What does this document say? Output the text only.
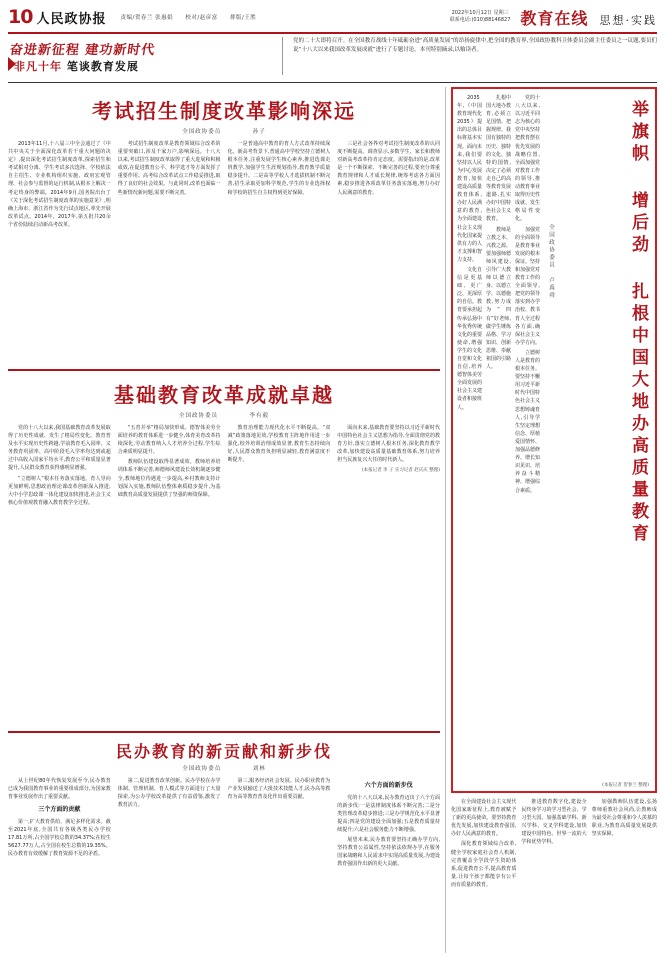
10 人民政协报	责编/贺春兰 张惠娟 校对/赵彦富 排版/王胜
2022年10月12日 星期三
联系电话:(010)88146827 教育在线 思想·实践
奋进新征程 建功新时代
非凡十年 笔谈教育发展
党的二十大即将召开。在全国教育战线十年砥砺奋进“高质量发展”的昂扬旋律中,把全国的教育界,全国政协教科卫体委员会副主任委员之一议题,要员们说“十八大以来我国改革发展成就”进行了专题讨论。本刊特别摘录,以飨读者。
考试招生制度改革影响深远
全国政协委员	孙子

2013年11月,十八届三中全会通过了《中共中央关于全面深化改革若干重大问题的决定》,提出深化考试招生制度改革,探索招生和考试相对分离、学生考试多次选择、学校依法自主招生、专业机构组织实施、政府宏观管理、社会参与监督的运行机制,从根本上解决一考定终身的弊端。2014年9月,国务院出台了《关于深化考试招生制度改革的实施意见》,明确上海市、浙江省作为先行试点地区,率先开展改革试点。2014年、2017年,第五批共20余个省份陆续启动新高考改革。

考试招生制度改革是教育领域综合改革的重要突破口,涉及千家万户,影响深远。十八大以来,考试招生制度改革取得了重大进展和积极成效,在促进教育公平、科学选才等方面发挥了重要作用。高考综合改革试点工作稳妥推进,取得了良好的社会效果。与此同时,改革也面临一些新情况新问题,需要不断完善。

一是普通高中教育的育人方式改革持续深化。新高考背景下,普通高中学校坚持立德树人根本任务,注重发展学生核心素养,推进选课走班教学,加强学生生涯规划指导,教育教学质量稳步提升。二是高等学校人才选拔机制不断完善,招生录取更加科学规范,学生的专业选择权和学校的招生自主权得到更好保障。

三是社会各界对考试招生制度改革的认同度不断提高。调查显示,多数学生、家长和教师对新高考改革持肯定态度。需要指出的是,改革是一个不断探索、不断完善的过程,要充分尊重教育规律和人才成长规律,统筹考虑各方面因素,稳步推进各项改革任务落实落地,努力办好人民满意的教育。

基础教育改革成就卓越
全国政协委员	李有毅

党的十八大以来,我国基础教育改革发展取得了历史性成就、发生了格局性变化。教育普及水平实现历史性跨越,学前教育毛入园率、义务教育巩固率、高中阶段毛入学率均达到或超过中高收入国家平均水平,教育公平和质量显著提升,人民群众教育获得感明显增强。

“立德树人”根本任务落实落地。育人导向更加鲜明,思想政治理论课改革创新深入推进,大中小学思政课一体化建设加快推进,社会主义核心价值观教育融入教育教学全过程。

“五育并举”格局加快形成。德智体美劳全面培养的教育体系进一步健全,体育美育改革持续深化,劳动教育纳入人才培养全过程,学生综合素质明显提升。

教师队伍建设取得显著成效。教师培养培训体系不断完善,师德师风建设长效机制逐步健全,教师地位待遇进一步提高,乡村教师支持计划深入实施,教师队伍整体素质稳步提升,为基础教育高质量发展提供了坚强的师资保障。

教育治理能力现代化水平不断提高。“双减”政策落地见效,学校教育主阵地作用进一步强化,校外培训治理成效显著,教育生态持续向好,人民群众教育负担明显减轻,教育满意度不断提升。

面向未来,基础教育要坚持以习近平新时代中国特色社会主义思想为指导,全面贯彻党的教育方针,落实立德树人根本任务,深化教育教学改革,加快建设高质量基础教育体系,努力培养担当民族复兴大任的时代新人。

(本报记者 李 子 实习记者 赵庆庆 整理)
民办教育的新贡献和新步伐
全国政协委员	刘林

从上世纪80年代恢复发展至今,民办教育已成为我国教育事业的重要组成部分,为国家教育事业发展作出了重要贡献。

三个方面的贡献

第一,扩大教育供给、满足多样化需求。截至2021年底,全国共有各级各类民办学校17.81万所,占全国学校总数的34.37%;在校生5627.77万人,占全国在校生总数的19.35%。民办教育有效缓解了教育资源不足的矛盾。

第二,促进教育改革创新。民办学校在办学体制、管理机制、育人模式等方面进行了大量探索,为公办学校改革提供了有益借鉴,激发了教育活力。

第三,服务经济社会发展。民办职业教育为产业发展输送了大批技术技能人才,民办高等教育为高等教育普及化作出重要贡献。

六个方面的新步伐

党的十八大以来,民办教育迈出了六个方面的新步伐:一是法律制度体系不断完善;二是分类管理改革稳步推进;三是办学规范化水平显著提高;四是党的建设全面加强;五是教育质量持续提升;六是社会服务能力不断增强。

展望未来,民办教育要坚持正确办学方向,坚持教育公益属性,坚持依法依规办学,在服务国家战略和人民需求中实现高质量发展,为建设教育强国作出新的更大贡献。

举旗帜 增后劲 扎根中国大地办高质量教育
全国政协委员 卢禹舜

党的十八大以来,以习近平同志为核心的党中央坚持把教育摆在优先发展的战略位置,全面加强党对教育工作的领导,推动教育事业取得历史性成就、发生格局性变化。

加强党的全面领导是教育事业发展的根本保证。坚持和加强党对教育工作的全面领导,把党的领导落实到办学治校、教书育人全过程各方面,确保社会主义办学方向。

立德树人是教育的根本任务。要坚持不懈用习近平新时代中国特色社会主义思想铸魂育人,引导学生坚定理想信念、厚植爱国情怀、加强品德修养、增长知识见识、培养奋斗精神、增强综合素质。

扎根中国大地办教育,必须立足国情、把握规律。我国有独特的历史、独特的文化、独特的国情,决定了必须走自己的高等教育发展道路,扎实办好中国特色社会主义教育。

教师是立教之本、兴教之源。要加强师德师风建设,引导广大教师以德立身、以德立学、以德施教,努力成为“四有”好老师,做学生锤炼品格、学习知识、创新思维、奉献祖国的引路人。

2035年,《中国教育现代化2035》提出的总体目标将基本实现。面向未来,我们要坚持以人民为中心发展教育,加快建设高质量教育体系,办好人民满意的教育,为全面建设社会主义现代化国家提供有力的人才支撑和智力支持。

文化自信是更基础、更广泛、更深厚的自信。教育要承担起传承弘扬中华优秀传统文化的重要使命,增强学生的文化自觉和文化自信,培养德智体美劳全面发展的社会主义建设者和接班人。

(本报记者 贺春兰 整理)

在全面建设社会主义现代化国家新征程上,教育被赋予了新的更高使命。要坚持教育优先发展,加快建设教育强国,办好人民满意的教育。

深化教育领域综合改革,健全学校家庭社会育人机制,完善覆盖全学段学生资助体系,促进教育公平,提高教育质量,让每个孩子都能享有公平而有质量的教育。

推进教育数字化,建设全民终身学习的学习型社会、学习型大国。加强基础学科、新兴学科、交叉学科建设,加快建设中国特色、世界一流的大学和优势学科。

加强教师队伍建设,弘扬尊师重教社会风尚,让教师成为最受社会尊重和令人羡慕的职业,为教育高质量发展提供坚实保障。
